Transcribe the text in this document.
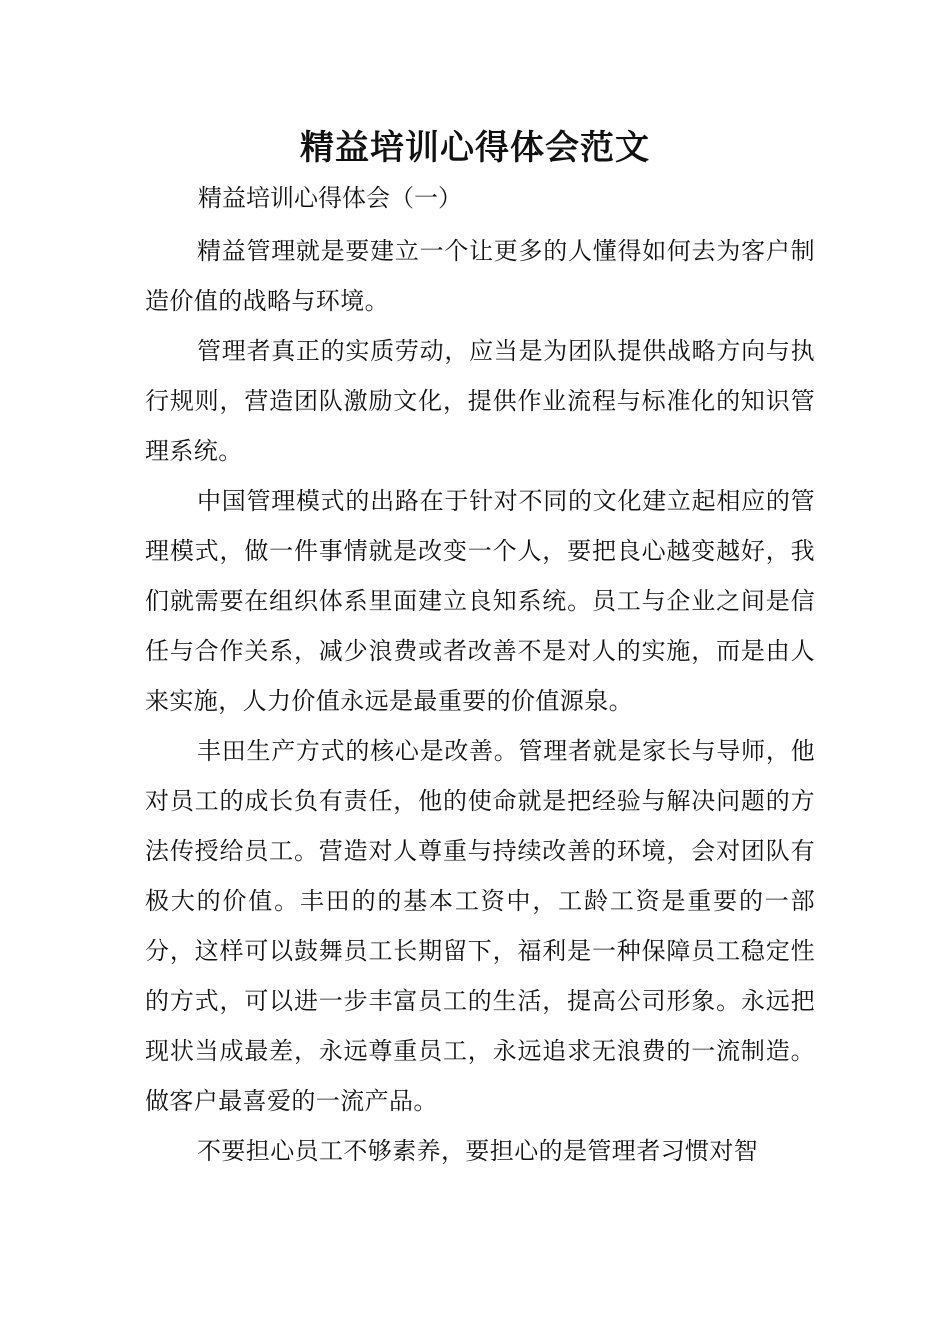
精益培训心得体会范文

精益培训心得体会（一）

精益管理就是要建立一个让更多的人懂得如何去为客户制造价值的战略与环境。

管理者真正的实质劳动，应当是为团队提供战略方向与执行规则，营造团队激励文化，提供作业流程与标准化的知识管理系统。

中国管理模式的出路在于针对不同的文化建立起相应的管理模式，做一件事情就是改变一个人，要把良心越变越好，我们就需要在组织体系里面建立良知系统。员工与企业之间是信任与合作关系，减少浪费或者改善不是对人的实施，而是由人来实施，人力价值永远是最重要的价值源泉。

丰田生产方式的核心是改善。管理者就是家长与导师，他对员工的成长负有责任，他的使命就是把经验与解决问题的方法传授给员工。营造对人尊重与持续改善的环境，会对团队有极大的价值。丰田的的基本工资中，工龄工资是重要的一部分，这样可以鼓舞员工长期留下，福利是一种保障员工稳定性的方式，可以进一步丰富员工的生活，提高公司形象。永远把现状当成最差，永远尊重员工，永远追求无浪费的一流制造。做客户最喜爱的一流产品。

不要担心员工不够素养，要担心的是管理者习惯对智
